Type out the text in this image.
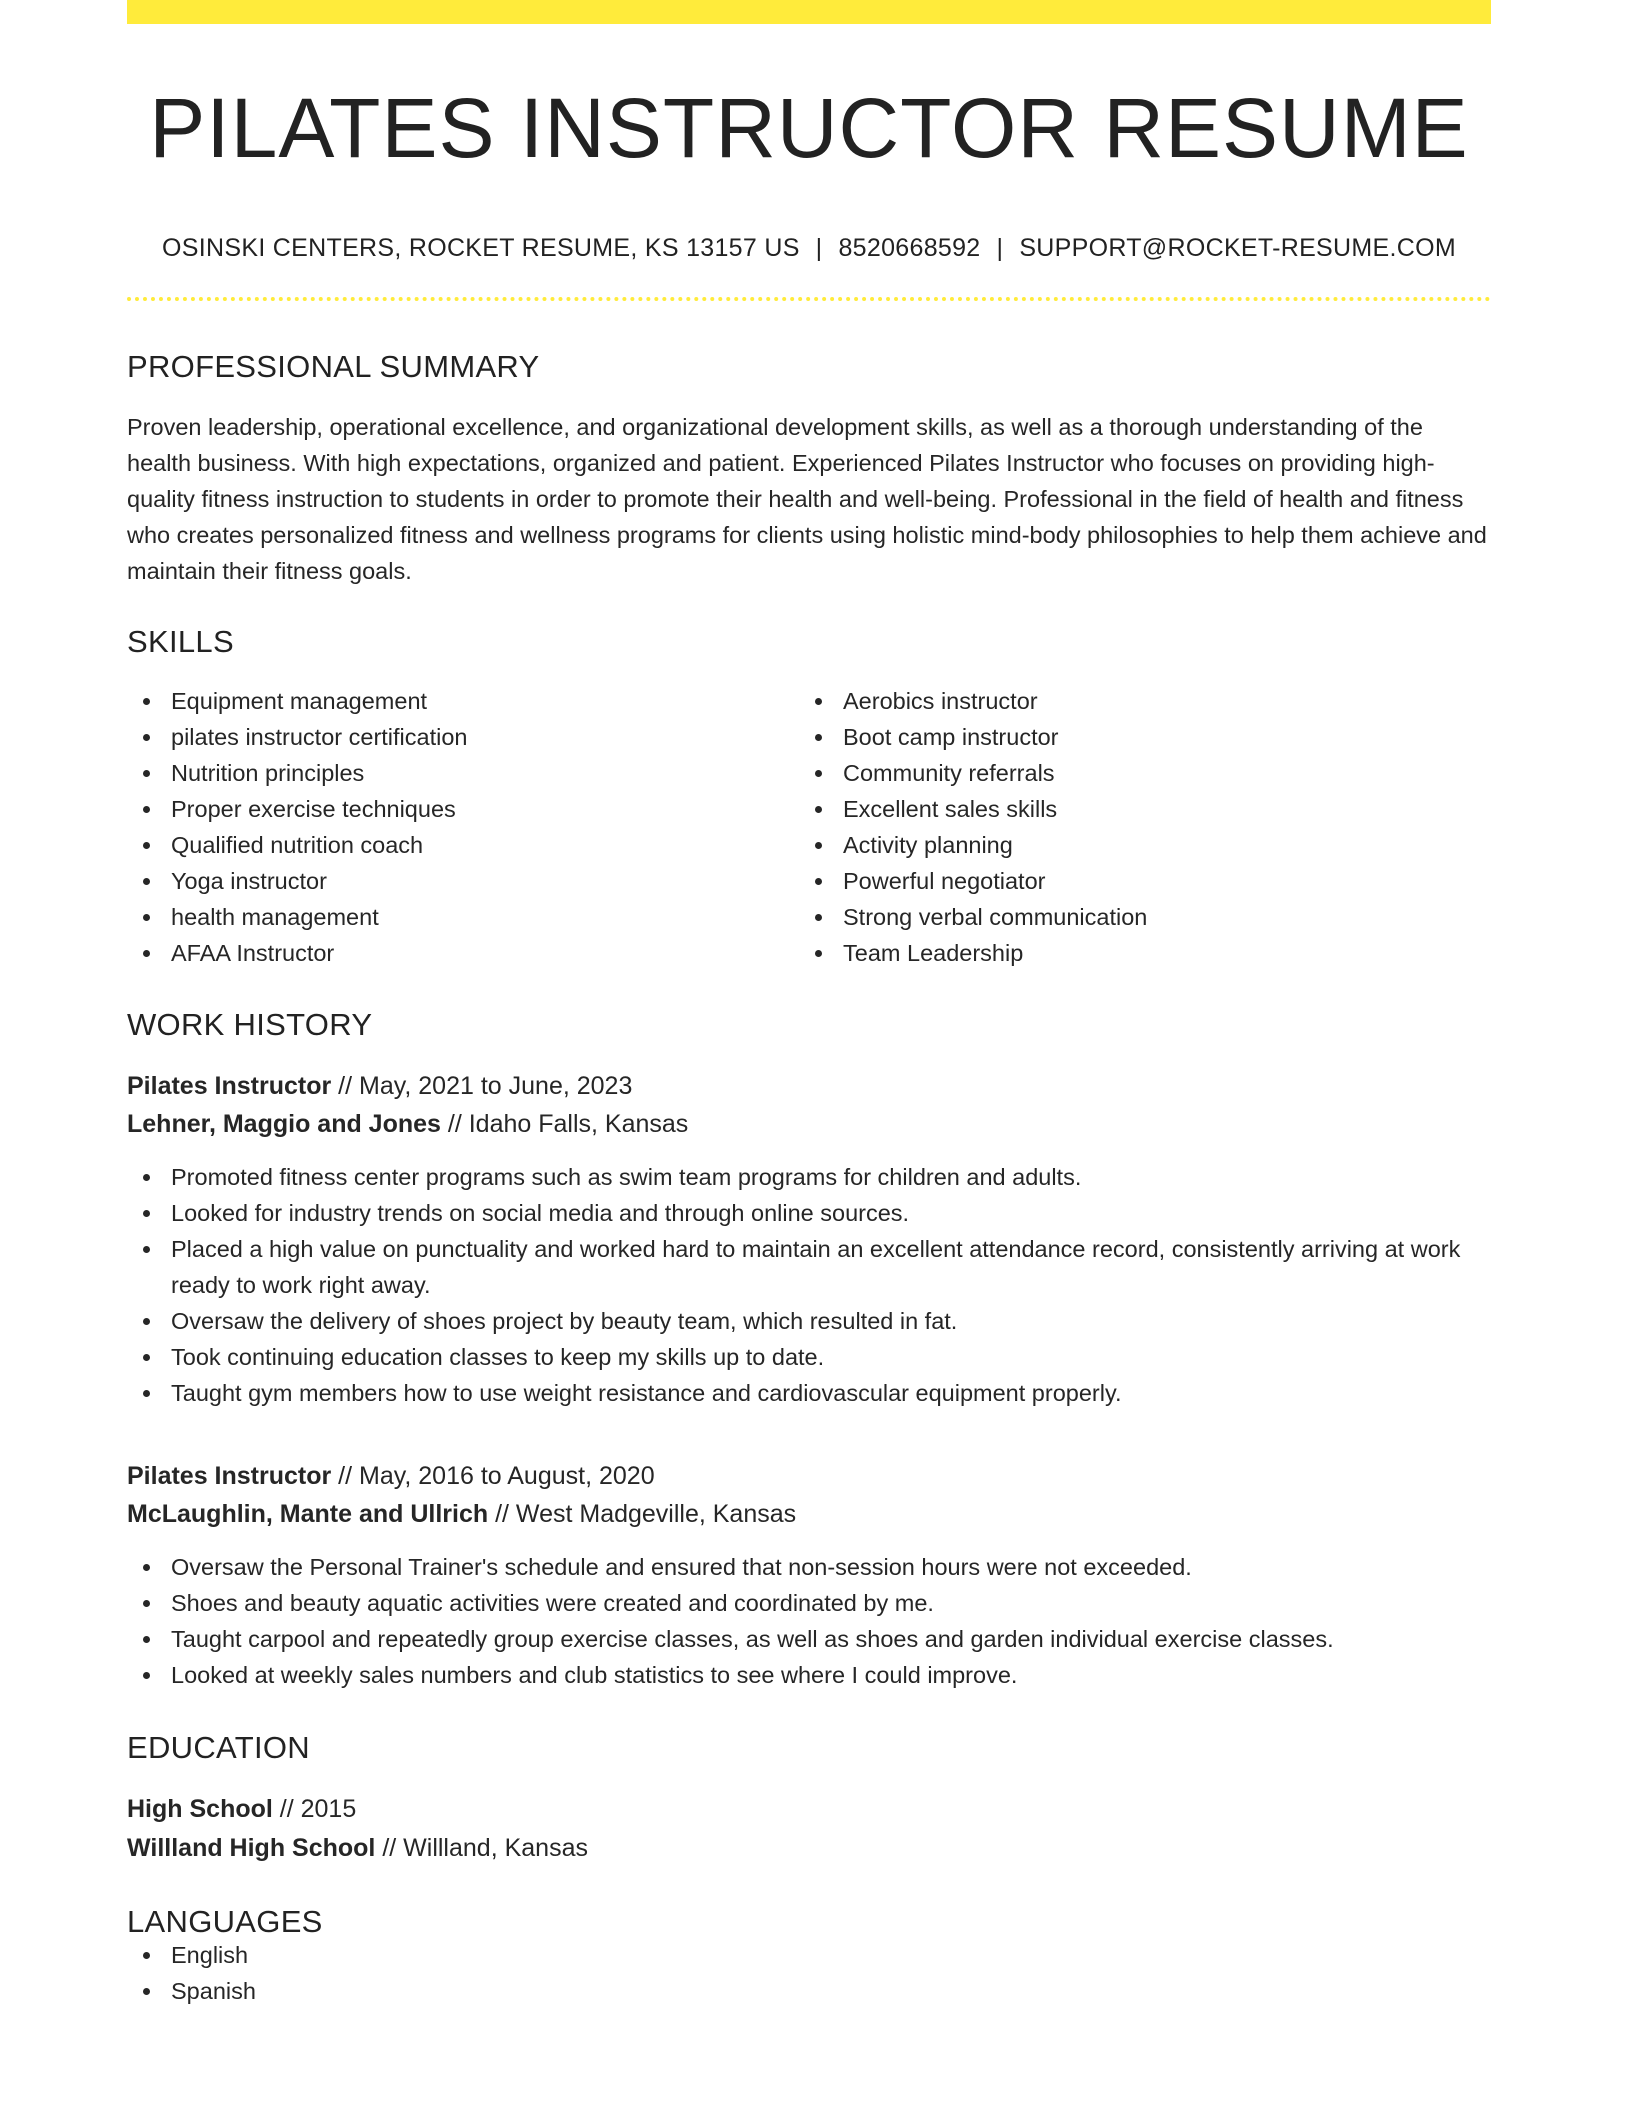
PILATES INSTRUCTOR RESUME
OSINSKI CENTERS, ROCKET RESUME, KS 13157 US | 8520668592 | SUPPORT@ROCKET-RESUME.COM
PROFESSIONAL SUMMARY

Proven leadership, operational excellence, and organizational development skills, as well as a thorough understanding of the health business. With high expectations, organized and patient. Experienced Pilates Instructor who focuses on providing high-quality fitness instruction to students in order to promote their health and well-being. Professional in the field of health and fitness who creates personalized fitness and wellness programs for clients using holistic mind-body philosophies to help them achieve and maintain their fitness goals.

SKILLS
Equipment management
pilates instructor certification
Nutrition principles
Proper exercise techniques
Qualified nutrition coach
Yoga instructor
health management
AFAA Instructor
Aerobics instructor
Boot camp instructor
Community referrals
Excellent sales skills
Activity planning
Powerful negotiator
Strong verbal communication
Team Leadership
WORK HISTORY
Pilates Instructor // May, 2021 to June, 2023
Lehner, Maggio and Jones // Idaho Falls, Kansas
Promoted fitness center programs such as swim team programs for children and adults.
Looked for industry trends on social media and through online sources.
Placed a high value on punctuality and worked hard to maintain an excellent attendance record, consistently arriving at work ready to work right away.
Oversaw the delivery of shoes project by beauty team, which resulted in fat.
Took continuing education classes to keep my skills up to date.
Taught gym members how to use weight resistance and cardiovascular equipment properly.
Pilates Instructor // May, 2016 to August, 2020
McLaughlin, Mante and Ullrich // West Madgeville, Kansas
Oversaw the Personal Trainer's schedule and ensured that non-session hours were not exceeded.
Shoes and beauty aquatic activities were created and coordinated by me.
Taught carpool and repeatedly group exercise classes, as well as shoes and garden individual exercise classes.
Looked at weekly sales numbers and club statistics to see where I could improve.
EDUCATION
High School // 2015
Willland High School // Willland, Kansas
LANGUAGES
English
Spanish
